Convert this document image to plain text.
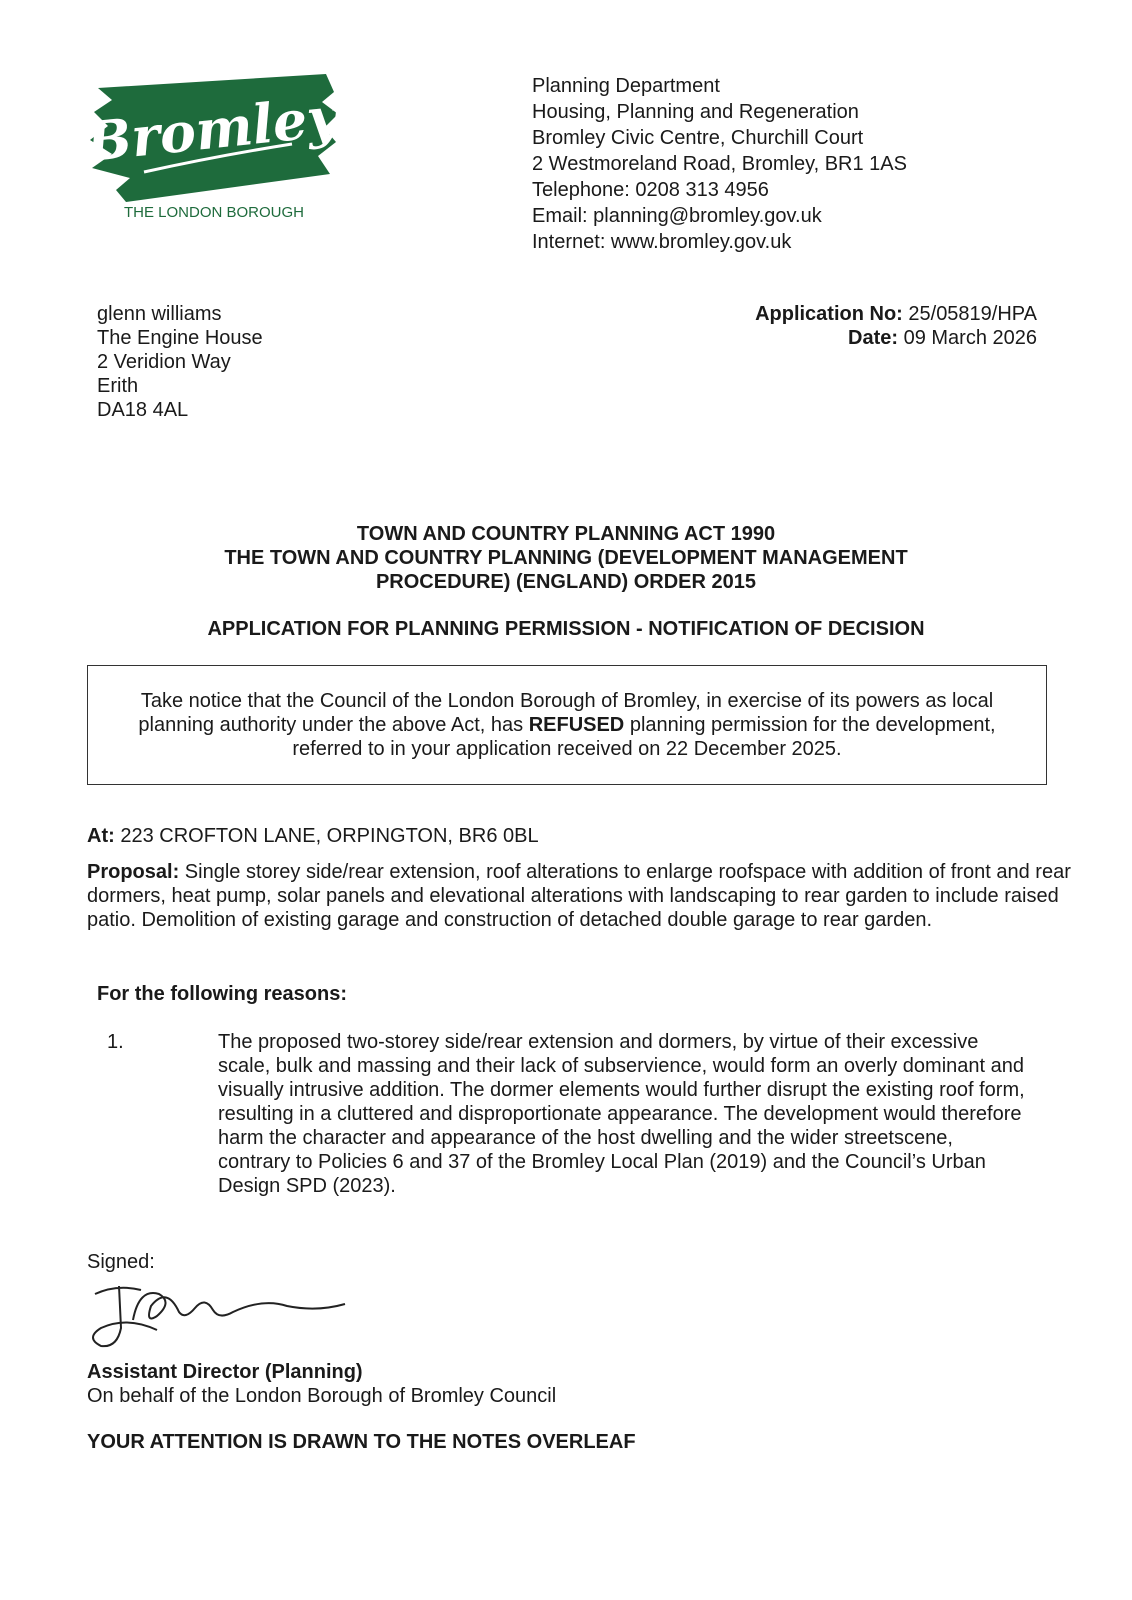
Bromley
THE LONDON BOROUGH
Planning Department
Housing, Planning and Regeneration
Bromley Civic Centre, Churchill Court
2 Westmoreland Road, Bromley, BR1 1AS
Telephone: 0208 313 4956
Email: planning@bromley.gov.uk
Internet: www.bromley.gov.uk
glenn williams
The Engine House
2 Veridion Way
Erith
DA18 4AL
Application No: 25/05819/HPA
Date: 09 March 2026
TOWN AND COUNTRY PLANNING ACT 1990
THE TOWN AND COUNTRY PLANNING (DEVELOPMENT MANAGEMENT
PROCEDURE) (ENGLAND) ORDER 2015
APPLICATION FOR PLANNING PERMISSION - NOTIFICATION OF DECISION
Take notice that the Council of the London Borough of Bromley, in exercise of its powers as local planning authority under the above Act, has REFUSED planning permission for the development, referred to in your application received on 22 December 2025.
At: 223 CROFTON LANE, ORPINGTON, BR6 0BL
Proposal: Single storey side/rear extension, roof alterations to enlarge roofspace with addition of front and rear dormers, heat pump, solar panels and elevational alterations with landscaping to rear garden to include raised patio. Demolition of existing garage and construction of detached double garage to rear garden.
For the following reasons:
1.	The proposed two-storey side/rear extension and dormers, by virtue of their excessive scale, bulk and massing and their lack of subservience, would form an overly dominant and visually intrusive addition. The dormer elements would further disrupt the existing roof form, resulting in a cluttered and disproportionate appearance. The development would therefore harm the character and appearance of the host dwelling and the wider streetscene, contrary to Policies 6 and 37 of the Bromley Local Plan (2019) and the Council’s Urban Design SPD (2023).
Signed:
Assistant Director (Planning)
On behalf of the London Borough of Bromley Council
YOUR ATTENTION IS DRAWN TO THE NOTES OVERLEAF
